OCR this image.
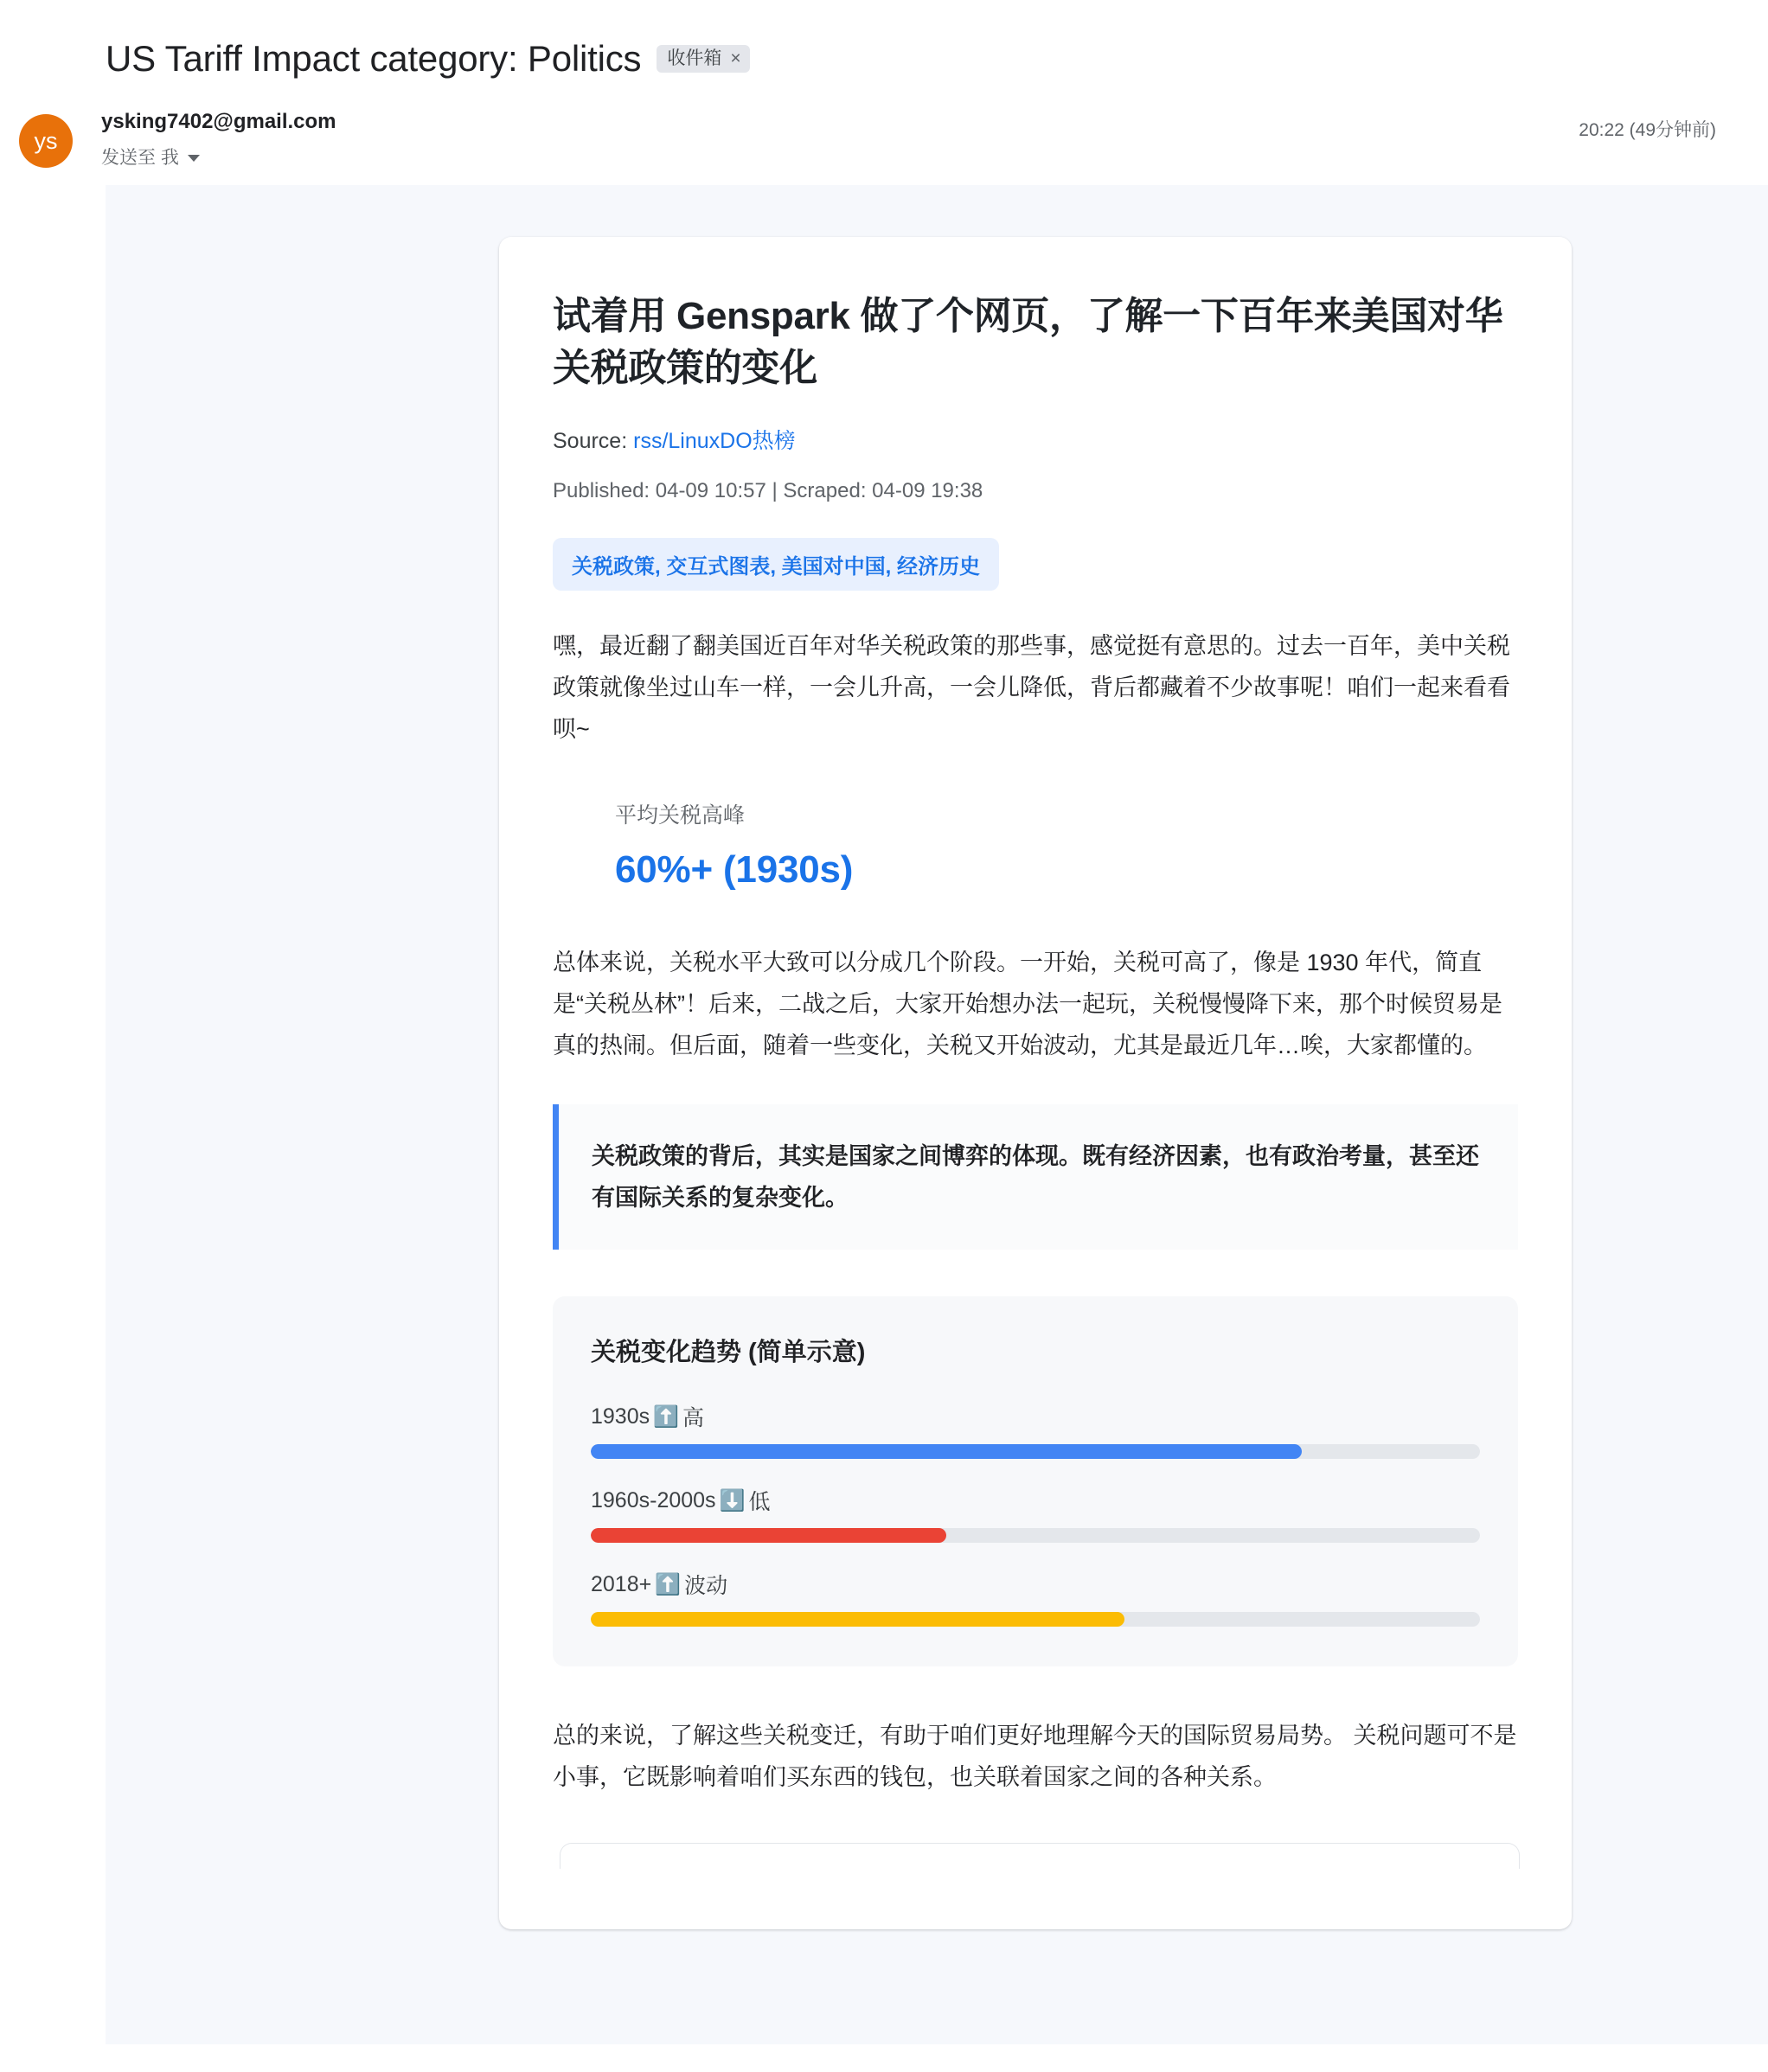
US Tariff Impact category: Politics 收件箱 ×
ys
ysking7402@gmail.com
发送至 我
20:22 (49分钟前)
试着用 Genspark 做了个网页，了解一下百年来美国对华关税政策的变化
Source: rss/LinuxDO热榜
Published: 04-09 10:57 | Scraped: 04-09 19:38
关税政策, 交互式图表, 美国对中国, 经济历史

嘿，最近翻了翻美国近百年对华关税政策的那些事，感觉挺有意思的。过去一百年，美中关税政策就像坐过山车一样，一会儿升高，一会儿降低，背后都藏着不少故事呢！咱们一起来看看呗~

平均关税高峰
60%+ (1930s)

总体来说，关税水平大致可以分成几个阶段。一开始，关税可高了，像是 1930 年代，简直是“关税丛林”！后来，二战之后，大家开始想办法一起玩，关税慢慢降下来，那个时候贸易是真的热闹。但后面，随着一些变化，关税又开始波动，尤其是最近几年…唉，大家都懂的。

关税政策的背后，其实是国家之间博弈的体现。既有经济因素，也有政治考量，甚至还有国际关系的复杂变化。

关税变化趋势 (简单示意)
1930s ⬆️ 高
1960s-2000s ⬇️ 低
2018+ ⬆️ 波动

总的来说，了解这些关税变迁，有助于咱们更好地理解今天的国际贸易局势。 关税问题可不是小事，它既影响着咱们买东西的钱包，也关联着国家之间的各种关系。
